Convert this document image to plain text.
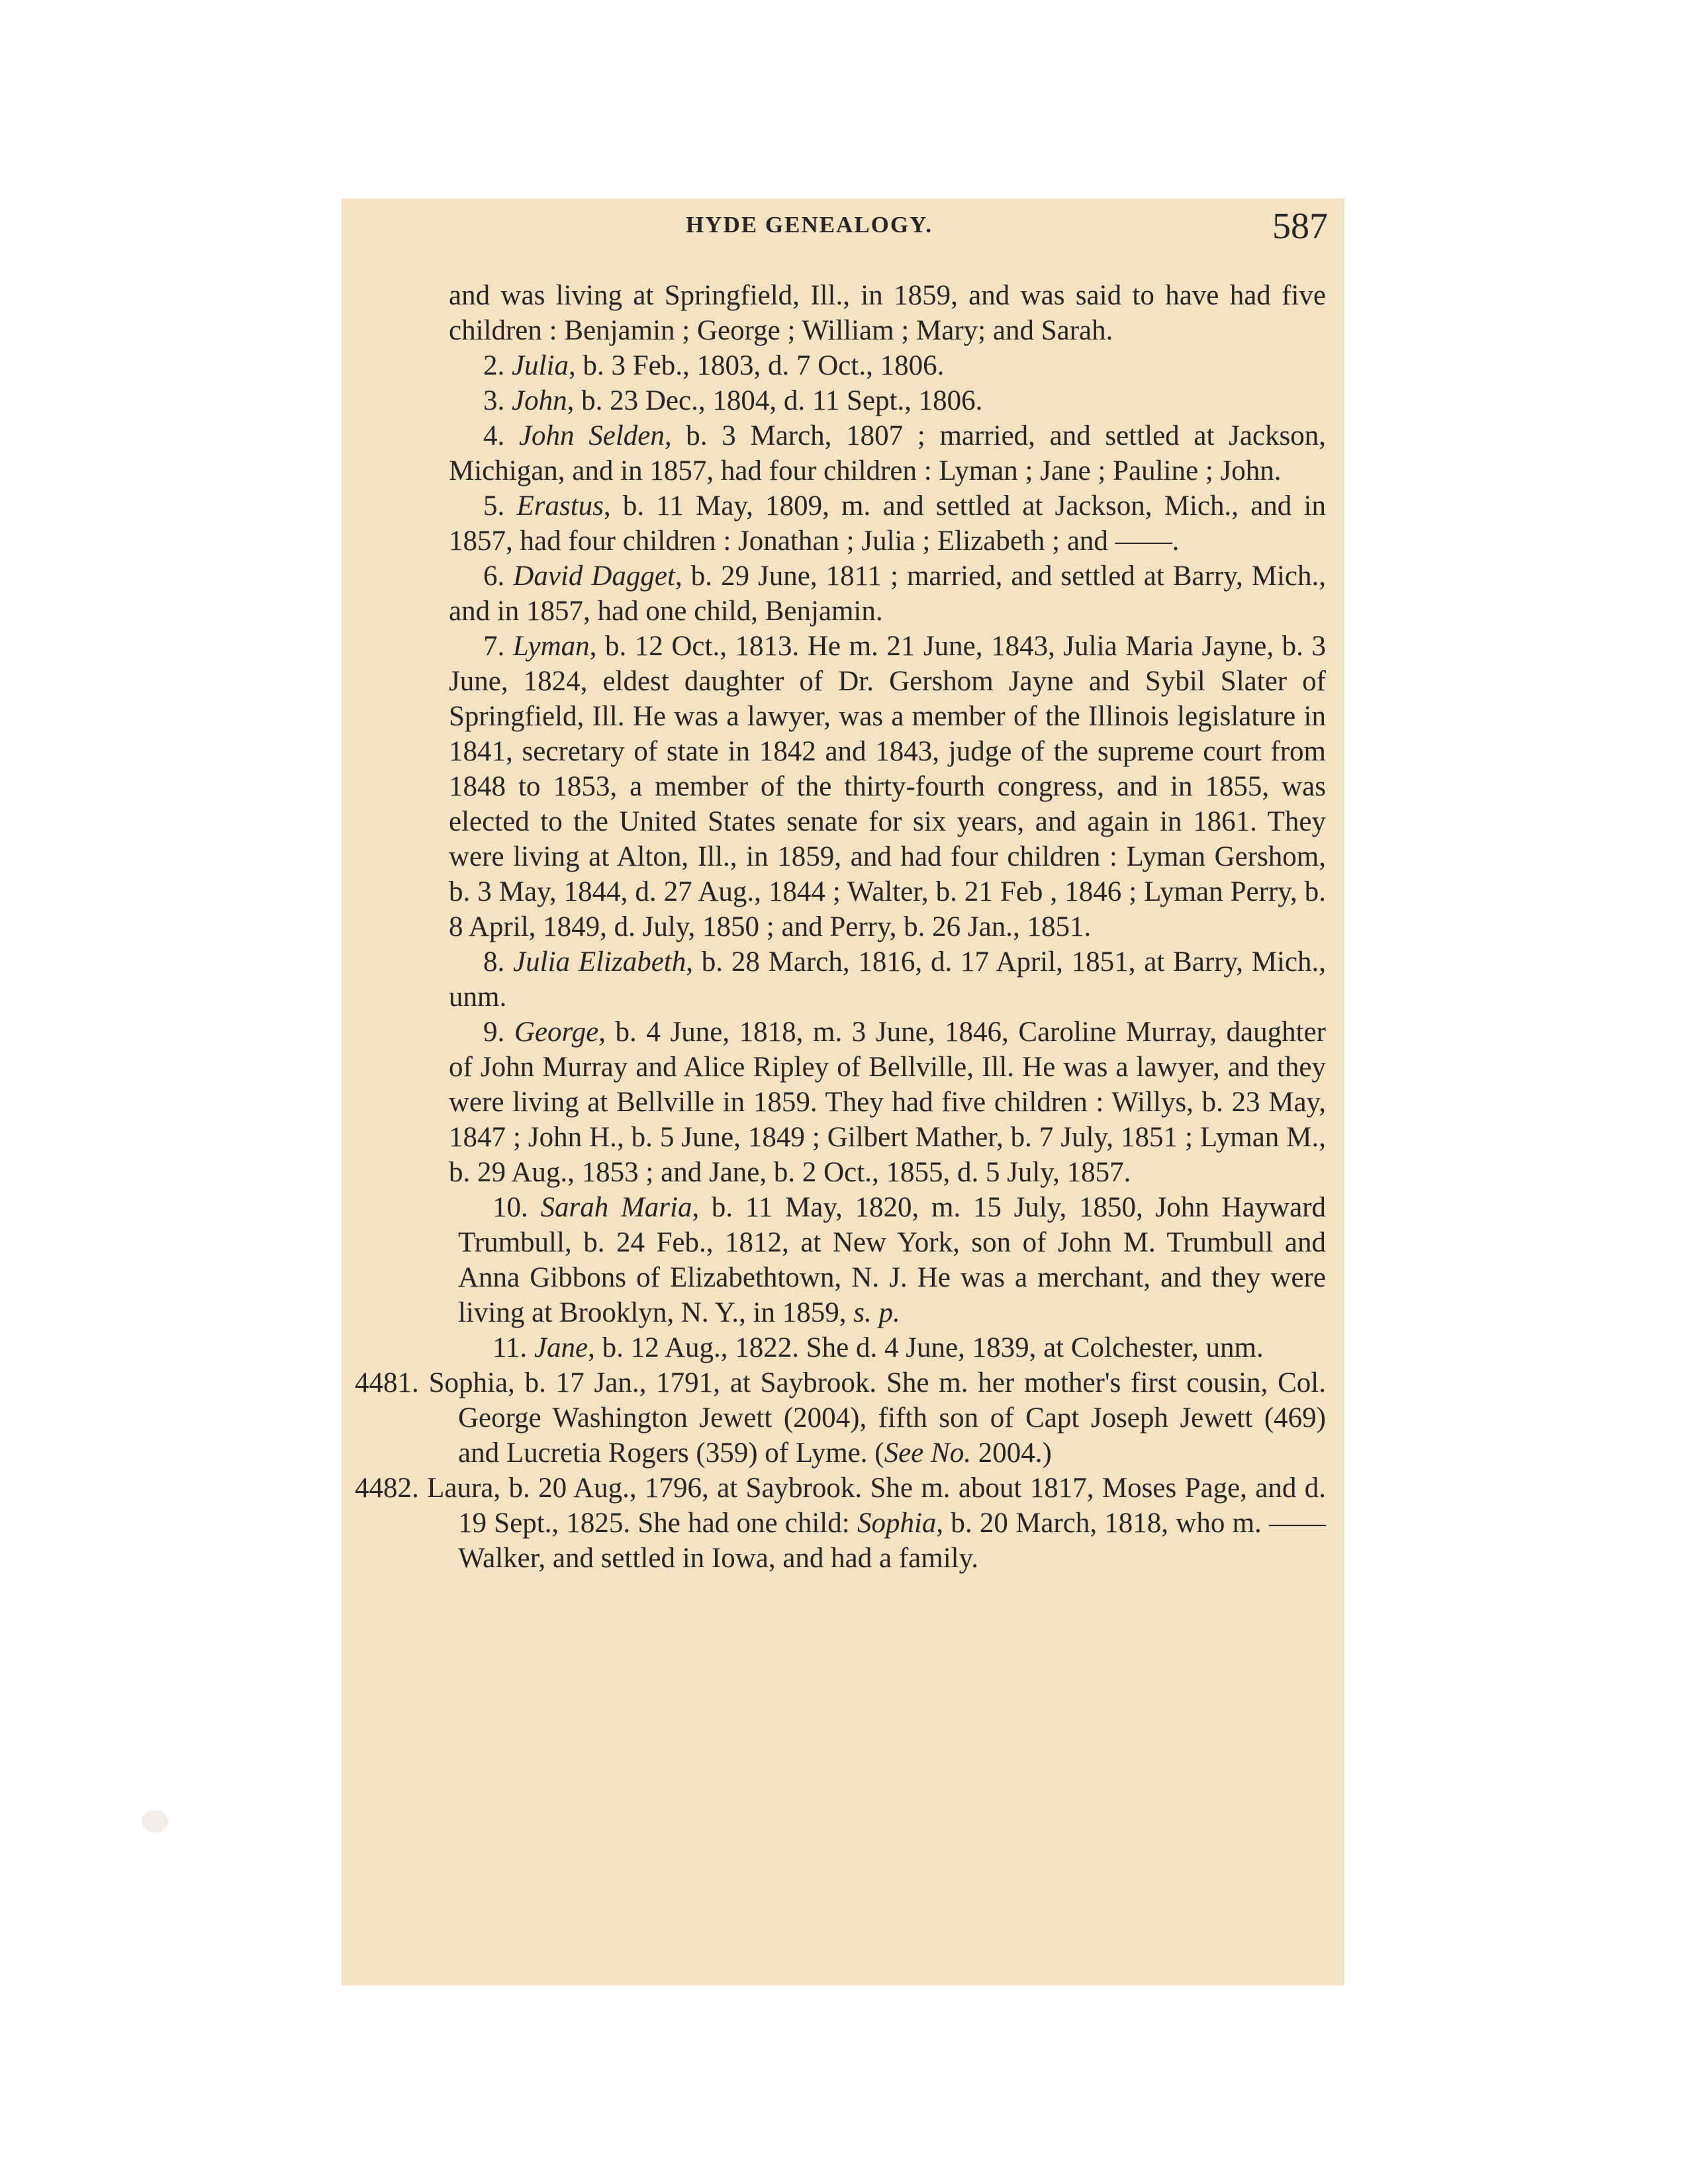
HYDE GENEALOGY.	587

and was living at Springfield, Ill., in 1859, and was said to have had five children : Benjamin ; George ; William ; Mary; and Sarah.

2. Julia, b. 3 Feb., 1803, d. 7 Oct., 1806.

3. John, b. 23 Dec., 1804, d. 11 Sept., 1806.

4. John Selden, b. 3 March, 1807 ; married, and settled at Jackson, Michigan, and in 1857, had four children : Lyman ; Jane ; Pauline ; John.

5. Erastus, b. 11 May, 1809, m. and settled at Jackson, Mich., and in 1857, had four children : Jonathan ; Julia ; Elizabeth ; and ——.

6. David Dagget, b. 29 June, 1811 ; married, and settled at Barry, Mich., and in 1857, had one child, Benjamin.

7. Lyman, b. 12 Oct., 1813. He m. 21 June, 1843, Julia Maria Jayne, b. 3 June, 1824, eldest daughter of Dr. Gershom Jayne and Sybil Slater of Springfield, Ill. He was a lawyer, was a member of the Illinois legislature in 1841, secretary of state in 1842 and 1843, judge of the supreme court from 1848 to 1853, a member of the thirty-fourth congress, and in 1855, was elected to the United States senate for six years, and again in 1861. They were living at Alton, Ill., in 1859, and had four children : Lyman Gershom, b. 3 May, 1844, d. 27 Aug., 1844 ; Walter, b. 21 Feb , 1846 ; Lyman Perry, b. 8 April, 1849, d. July, 1850 ; and Perry, b. 26 Jan., 1851.

8. Julia Elizabeth, b. 28 March, 1816, d. 17 April, 1851, at Barry, Mich., unm.

9. George, b. 4 June, 1818, m. 3 June, 1846, Caroline Murray, daughter of John Murray and Alice Ripley of Bellville, Ill. He was a lawyer, and they were living at Bellville in 1859. They had five children : Willys, b. 23 May, 1847 ; John H., b. 5 June, 1849 ; Gilbert Mather, b. 7 July, 1851 ; Lyman M., b. 29 Aug., 1853 ; and Jane, b. 2 Oct., 1855, d. 5 July, 1857.

10. Sarah Maria, b. 11 May, 1820, m. 15 July, 1850, John Hayward Trumbull, b. 24 Feb., 1812, at New York, son of John M. Trumbull and Anna Gibbons of Elizabethtown, N. J. He was a merchant, and they were living at Brooklyn, N. Y., in 1859, s. p.

11. Jane, b. 12 Aug., 1822. She d. 4 June, 1839, at Colchester, unm.

4481. Sophia, b. 17 Jan., 1791, at Saybrook. She m. her mother's first cousin, Col. George Washington Jewett (2004), fifth son of Capt Joseph Jewett (469) and Lucretia Rogers (359) of Lyme. (See No. 2004.)

4482. Laura, b. 20 Aug., 1796, at Saybrook. She m. about 1817, Moses Page, and d. 19 Sept., 1825. She had one child: Sophia, b. 20 March, 1818, who m. —— Walker, and settled in Iowa, and had a family.
